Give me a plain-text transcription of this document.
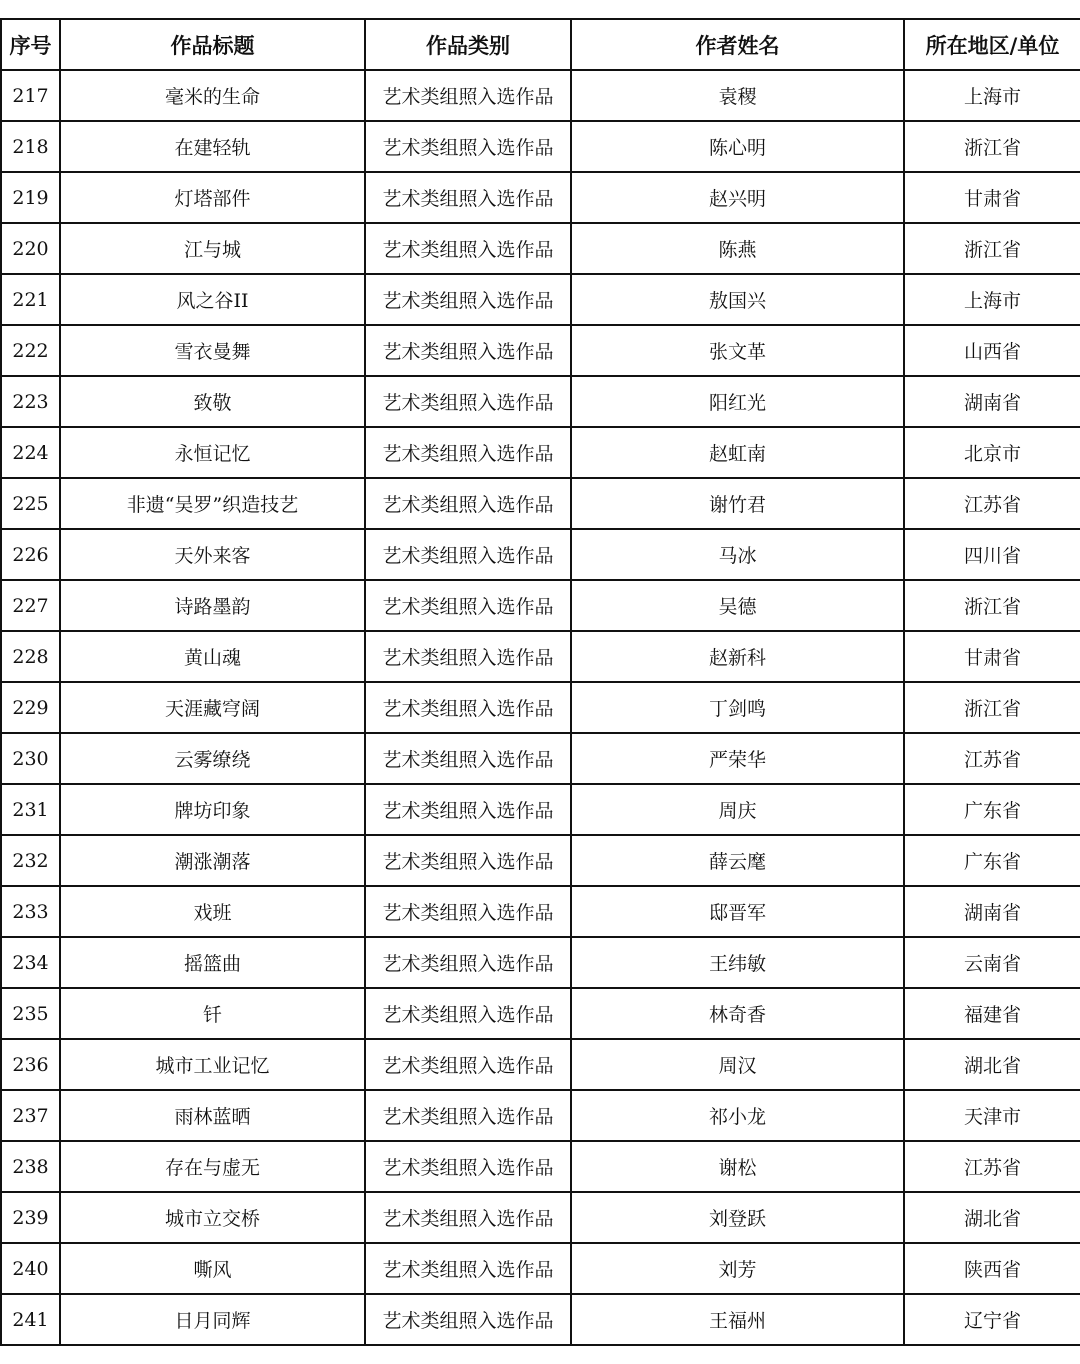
序号	作品标题	作品类别	作者姓名	所在地区/单位
217	毫米的生命	艺术类组照入选作品	袁稷	上海市
218	在建轻轨	艺术类组照入选作品	陈心明	浙江省
219	灯塔部件	艺术类组照入选作品	赵兴明	甘肃省
220	江与城	艺术类组照入选作品	陈燕	浙江省
221	风之谷II	艺术类组照入选作品	敖国兴	上海市
222	雪衣曼舞	艺术类组照入选作品	张文革	山西省
223	致敬	艺术类组照入选作品	阳红光	湖南省
224	永恒记忆	艺术类组照入选作品	赵虹南	北京市
225	非遗“吴罗”织造技艺	艺术类组照入选作品	谢竹君	江苏省
226	天外来客	艺术类组照入选作品	马冰	四川省
227	诗路墨韵	艺术类组照入选作品	吴德	浙江省
228	黄山魂	艺术类组照入选作品	赵新科	甘肃省
229	天涯藏穹阔	艺术类组照入选作品	丁剑鸣	浙江省
230	云雾缭绕	艺术类组照入选作品	严荣华	江苏省
231	牌坊印象	艺术类组照入选作品	周庆	广东省
232	潮涨潮落	艺术类组照入选作品	薛云麾	广东省
233	戏班	艺术类组照入选作品	邸晋军	湖南省
234	摇篮曲	艺术类组照入选作品	王纬敏	云南省
235	钎	艺术类组照入选作品	林奇香	福建省
236	城市工业记忆	艺术类组照入选作品	周汉	湖北省
237	雨林蓝晒	艺术类组照入选作品	祁小龙	天津市
238	存在与虚无	艺术类组照入选作品	谢松	江苏省
239	城市立交桥	艺术类组照入选作品	刘登跃	湖北省
240	嘶风	艺术类组照入选作品	刘芳	陕西省
241	日月同辉	艺术类组照入选作品	王福州	辽宁省
